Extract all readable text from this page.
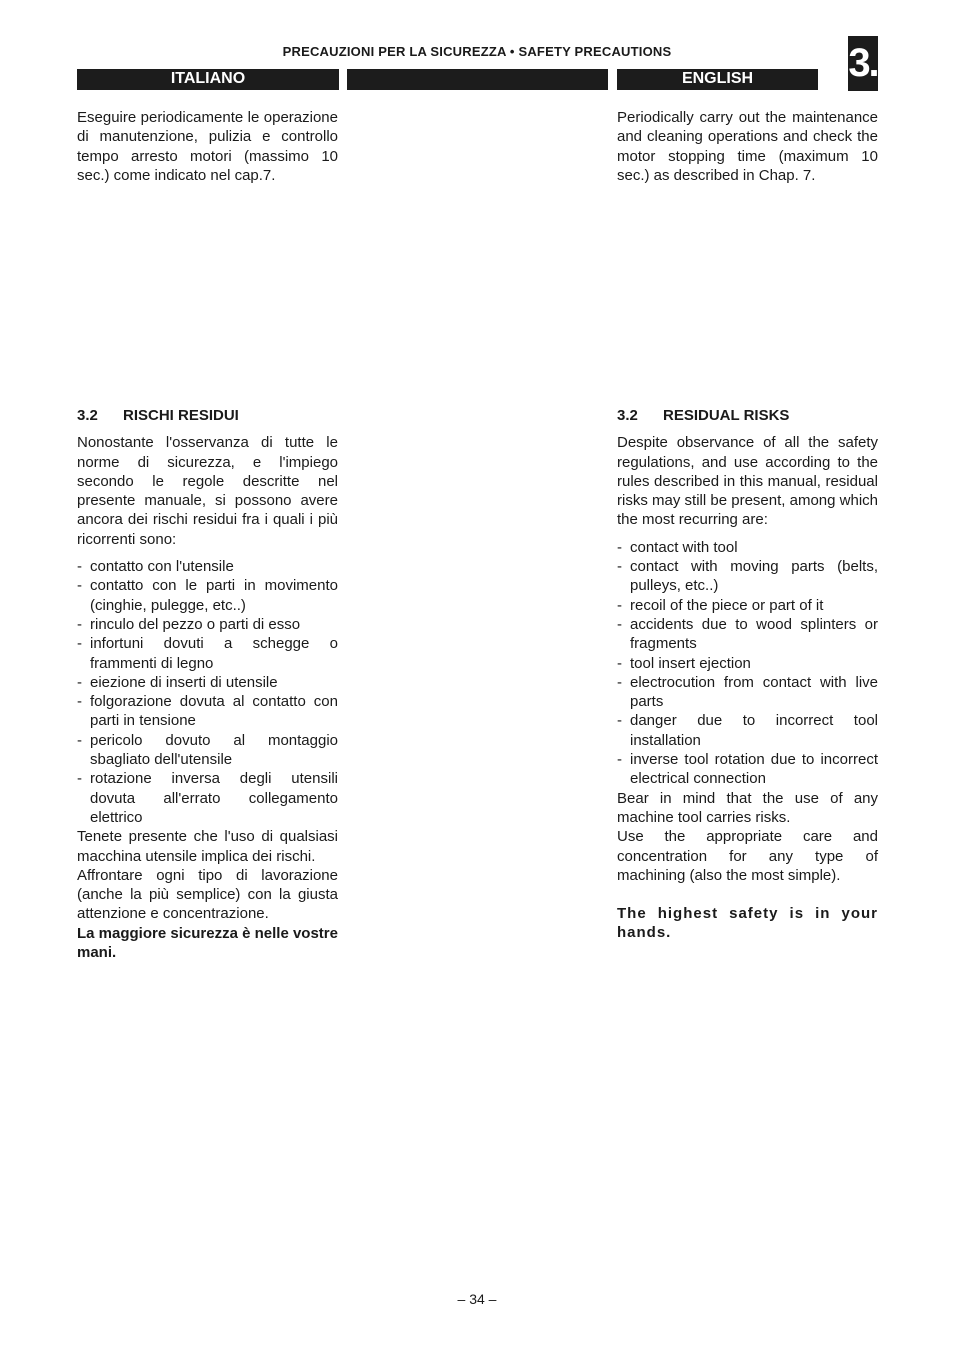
PRECAUZIONI PER LA SICUREZZA • SAFETY PRECAUTIONS
ITALIANO	ENGLISH	3.

Eseguire periodicamente le operazione di manutenzione, pulizia e controllo tempo arresto motori (massimo 10 sec.) come indicato nel cap.7.

Periodically carry out the maintenance and cleaning operations and check the motor stopping time (maximum 10 sec.) as described in Chap. 7.

3.2 RISCHI RESIDUI

Nonostante l'osservanza di tutte le norme di sicurezza, e l'impiego secondo le regole descritte nel presente manuale, si possono avere ancora dei rischi residui fra i quali i più ricorrenti sono:

- contatto con l'utensile
- contatto con le parti in movimento (cinghie, pulegge, etc..)
- rinculo del pezzo o parti di esso
- infortuni dovuti a schegge o frammenti di legno
- eiezione di inserti di utensile
- folgorazione dovuta al contatto con parti in tensione
- pericolo dovuto al montaggio sbagliato dell'utensile
- rotazione inversa degli utensili dovuta all'errato collegamento elettrico

Tenete presente che l'uso di qualsiasi macchina utensile implica dei rischi.

Affrontare ogni tipo di lavorazione (anche la più semplice) con la giusta attenzione e concentrazione.

La maggiore sicurezza è nelle vostre mani.

3.2 RESIDUAL RISKS

Despite observance of all the safety regulations, and use according to the rules described in this manual, residual risks may still be present, among which the most recurring are:

- contact with tool
- contact with moving parts (belts, pulleys, etc..)
- recoil of the piece or part of it
- accidents due to wood splinters or fragments
- tool insert ejection
- electrocution from contact with live parts
- danger due to incorrect tool installation
- inverse tool rotation due to incorrect electrical connection

Bear in mind that the use of any machine tool carries risks.

Use the appropriate care and concentration for any type of machining (also the most simple).

The highest safety is in your hands.

– 34 –
